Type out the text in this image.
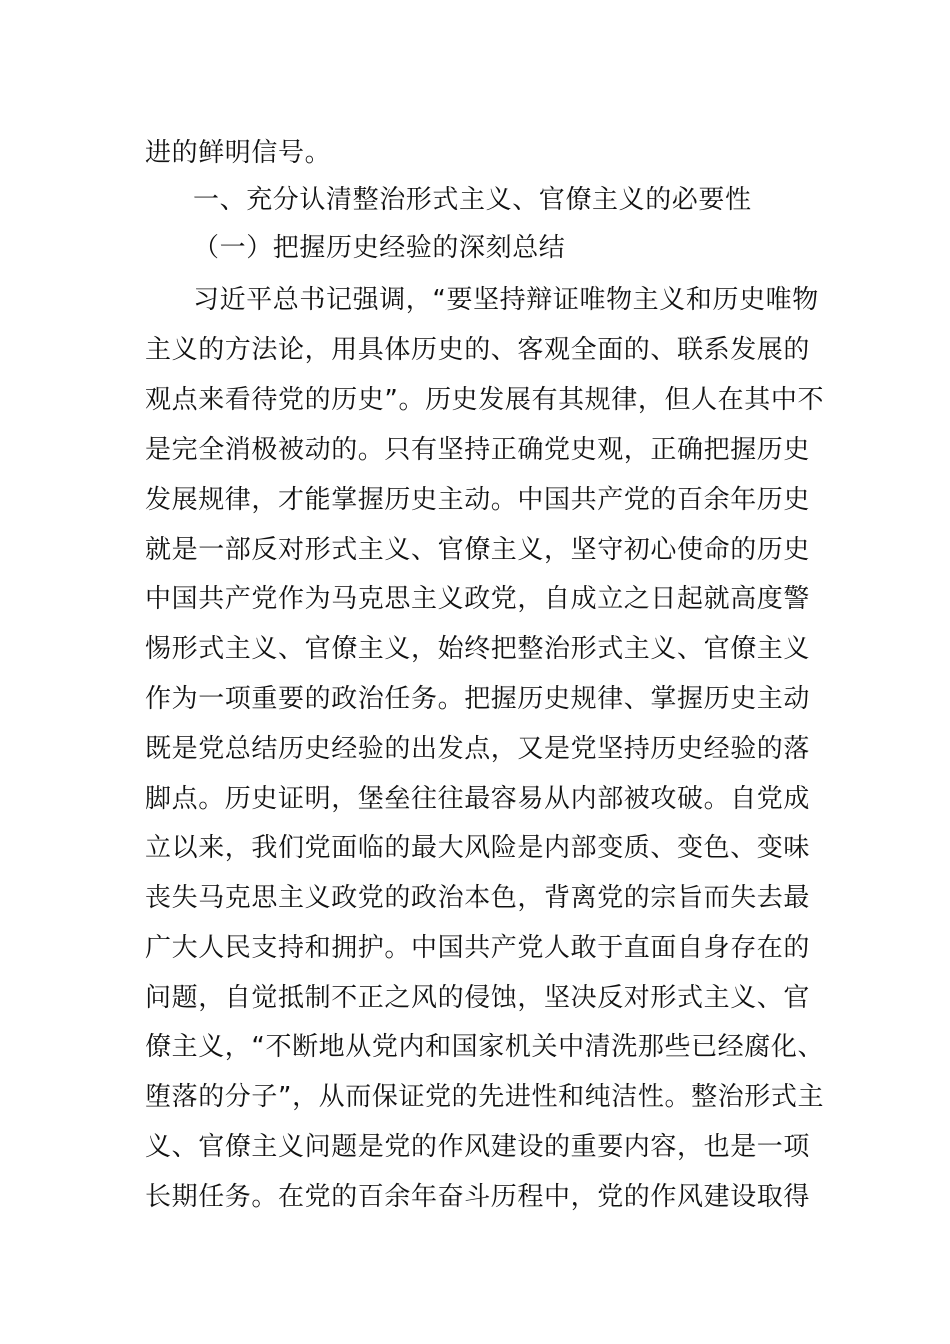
进的鲜明信号。
一、充分认清整治形式主义、官僚主义的必要性
（一）把握历史经验的深刻总结
习近平总书记强调，“要坚持辩证唯物主义和历史唯物
主义的方法论，用具体历史的、客观全面的、联系发展的
观点来看待党的历史”。历史发展有其规律，但人在其中不
是完全消极被动的。只有坚持正确党史观，正确把握历史
发展规律，才能掌握历史主动。中国共产党的百余年历史
就是一部反对形式主义、官僚主义，坚守初心使命的历史
中国共产党作为马克思主义政党，自成立之日起就高度警
惕形式主义、官僚主义，始终把整治形式主义、官僚主义
作为一项重要的政治任务。把握历史规律、掌握历史主动
既是党总结历史经验的出发点，又是党坚持历史经验的落
脚点。历史证明，堡垒往往最容易从内部被攻破。自党成
立以来，我们党面临的最大风险是内部变质、变色、变味
丧失马克思主义政党的政治本色，背离党的宗旨而失去最
广大人民支持和拥护。中国共产党人敢于直面自身存在的
问题，自觉抵制不正之风的侵蚀，坚决反对形式主义、官
僚主义，“不断地从党内和国家机关中清洗那些已经腐化、
堕落的分子”，从而保证党的先进性和纯洁性。整治形式主
义、官僚主义问题是党的作风建设的重要内容，也是一项
长期任务。在党的百余年奋斗历程中，党的作风建设取得
